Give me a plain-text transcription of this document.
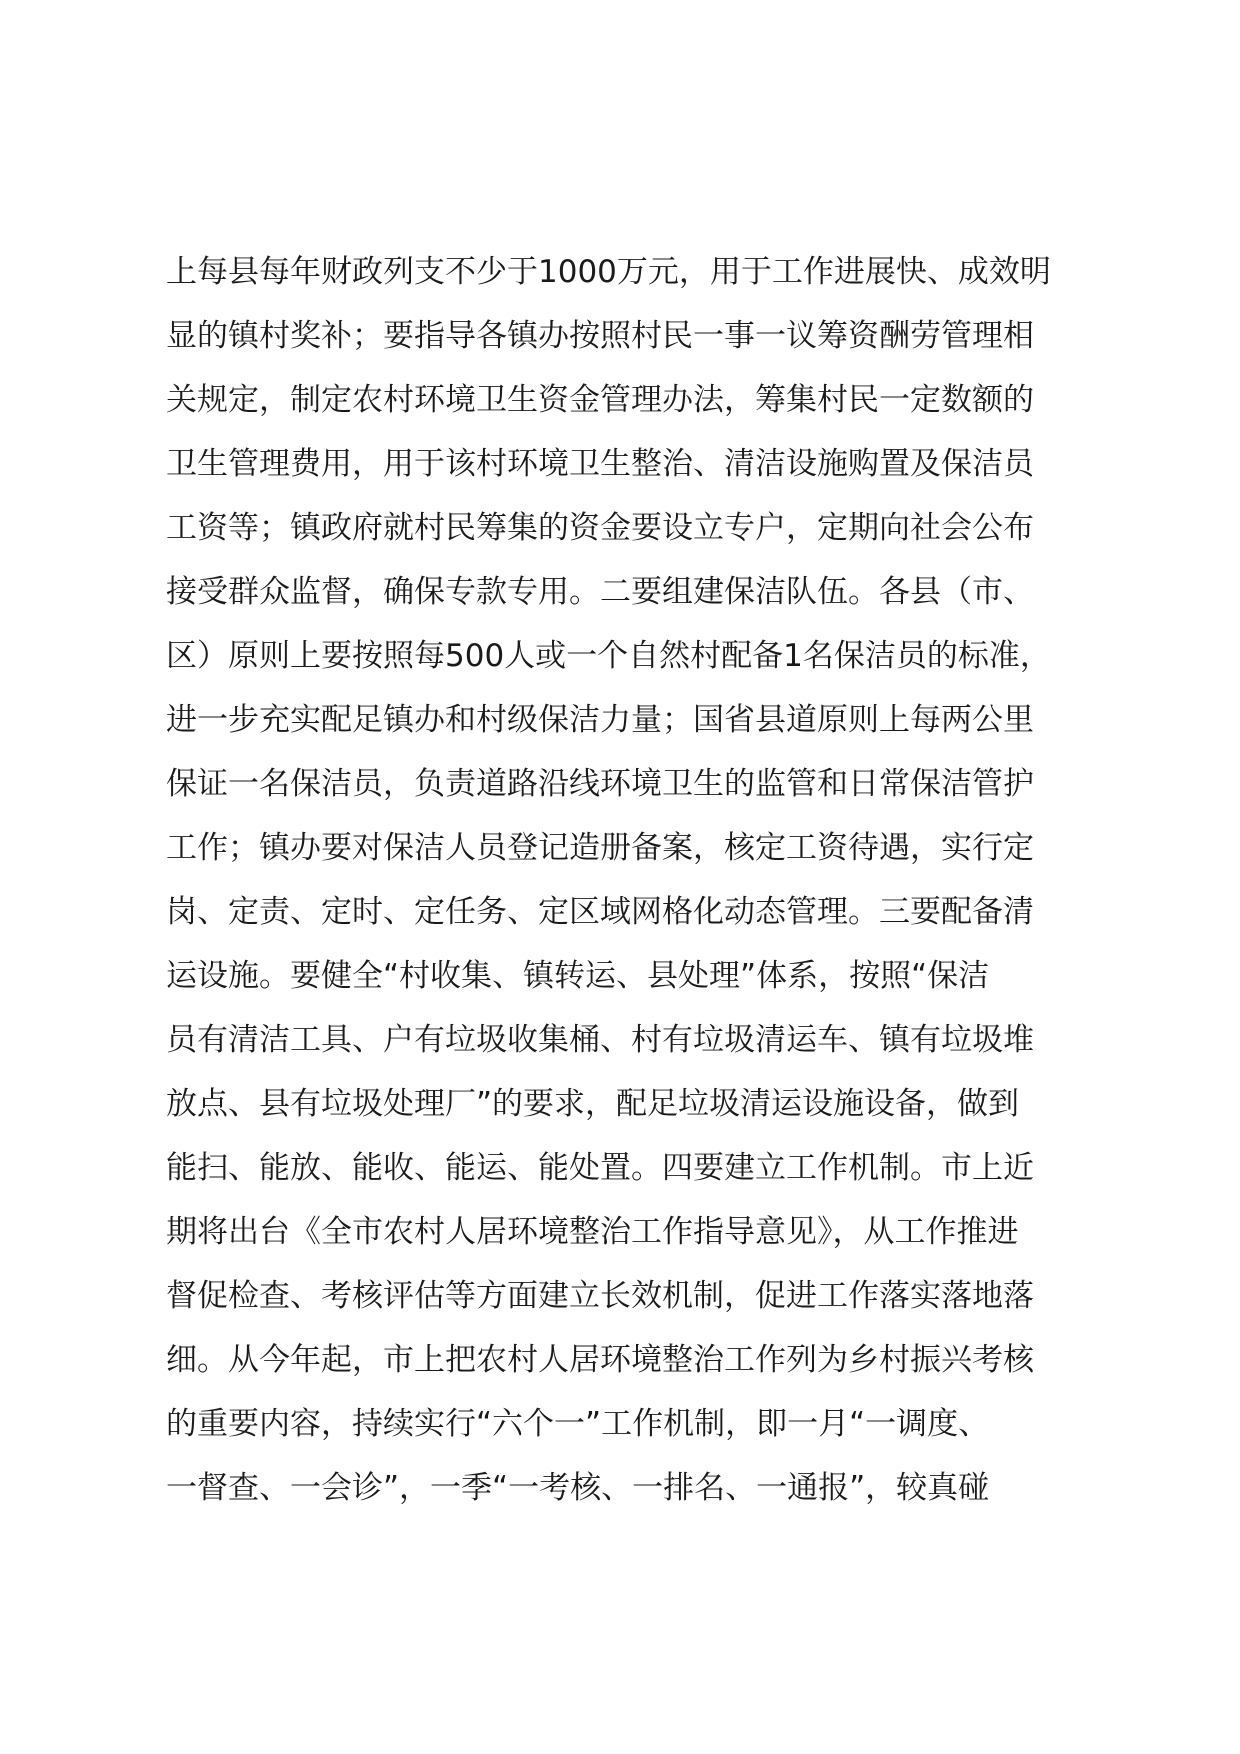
上每县每年财政列支不少于1000万元，用于工作进展快、成效明
显的镇村奖补；要指导各镇办按照村民一事一议筹资酬劳管理相
关规定，制定农村环境卫生资金管理办法，筹集村民一定数额的
卫生管理费用，用于该村环境卫生整治、清洁设施购置及保洁员
工资等；镇政府就村民筹集的资金要设立专户，定期向社会公布
接受群众监督，确保专款专用。二要组建保洁队伍。各县（市、
区）原则上要按照每500人或一个自然村配备1名保洁员的标准，
进一步充实配足镇办和村级保洁力量；国省县道原则上每两公里
保证一名保洁员，负责道路沿线环境卫生的监管和日常保洁管护
工作；镇办要对保洁人员登记造册备案，核定工资待遇，实行定
岗、定责、定时、定任务、定区域网格化动态管理。三要配备清
运设施。要健全“村收集、镇转运、县处理”体系，按照“保洁
员有清洁工具、户有垃圾收集桶、村有垃圾清运车、镇有垃圾堆
放点、县有垃圾处理厂”的要求，配足垃圾清运设施设备，做到
能扫、能放、能收、能运、能处置。四要建立工作机制。市上近
期将出台《全市农村人居环境整治工作指导意见》，从工作推进
督促检查、考核评估等方面建立长效机制，促进工作落实落地落
细。从今年起，市上把农村人居环境整治工作列为乡村振兴考核
的重要内容，持续实行“六个一”工作机制，即一月“一调度、
一督查、一会诊”，一季“一考核、一排名、一通报”，较真碰
